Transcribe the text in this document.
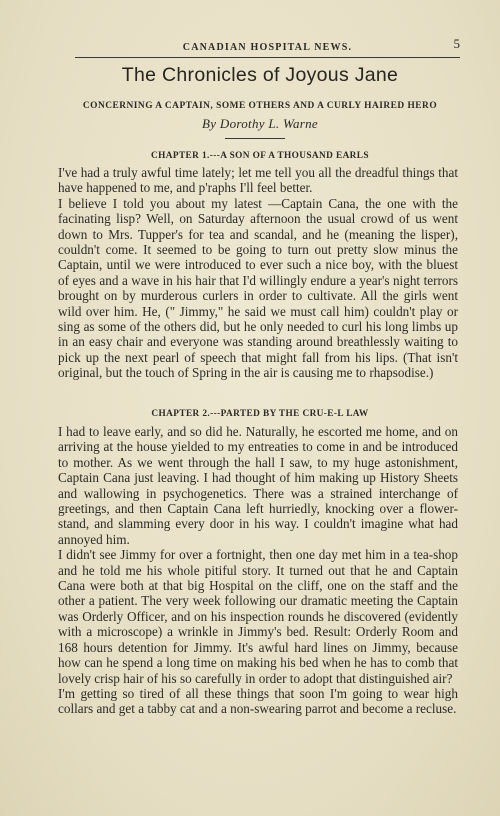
CANADIAN HOSPITAL NEWS.	5
The Chronicles of Joyous Jane
CONCERNING A CAPTAIN, SOME OTHERS AND A CURLY HAIRED HERO
By Dorothy L. Warne
CHAPTER 1.---A SON OF A THOUSAND EARLS

I've had a truly awful time lately; let me tell you all the dreadful things that have happened to me, and p'raphs I'll feel better.

I believe I told you about my latest —Captain Cana, the one with the facinating lisp? Well, on Saturday afternoon the usual crowd of us went down to Mrs. Tupper's for tea and scandal, and he (meaning the lisper), couldn't come. It seemed to be going to turn out pretty slow minus the Captain, until we were introduced to ever such a nice boy, with the bluest of eyes and a wave in his hair that I'd willingly endure a year's night terrors brought on by murderous curlers in order to cultivate. All the girls went wild over him. He, (" Jimmy," he said we must call him) couldn't play or sing as some of the others did, but he only needed to curl his long limbs up in an easy chair and everyone was standing around breathlessly waiting to pick up the next pearl of speech that might fall from his lips. (That isn't original, but the touch of Spring in the air is causing me to rhapsodise.)

CHAPTER 2.---PARTED BY THE CRU-E-L LAW

I had to leave early, and so did he. Naturally, he escorted me home, and on arriving at the house yielded to my entreaties to come in and be introduced to mother. As we went through the hall I saw, to my huge astonishment, Captain Cana just leaving. I had thought of him making up History Sheets and wallowing in psychogenetics. There was a strained interchange of greetings, and then Captain Cana left hurriedly, knocking over a flower-stand, and slamming every door in his way. I couldn't imagine what had annoyed him.

I didn't see Jimmy for over a fortnight, then one day met him in a tea-shop and he told me his whole pitiful story. It turned out that he and Captain Cana were both at that big Hospital on the cliff, one on the staff and the other a patient. The very week following our dramatic meeting the Captain was Orderly Officer, and on his inspection rounds he discovered (evidently with a microscope) a wrinkle in Jimmy's bed. Result: Orderly Room and 168 hours detention for Jimmy. It's awful hard lines on Jimmy, because how can he spend a long time on making his bed when he has to comb that lovely crisp hair of his so carefully in order to adopt that distinguished air?

I'm getting so tired of all these things that soon I'm going to wear high collars and get a tabby cat and a non-swearing parrot and become a recluse.
